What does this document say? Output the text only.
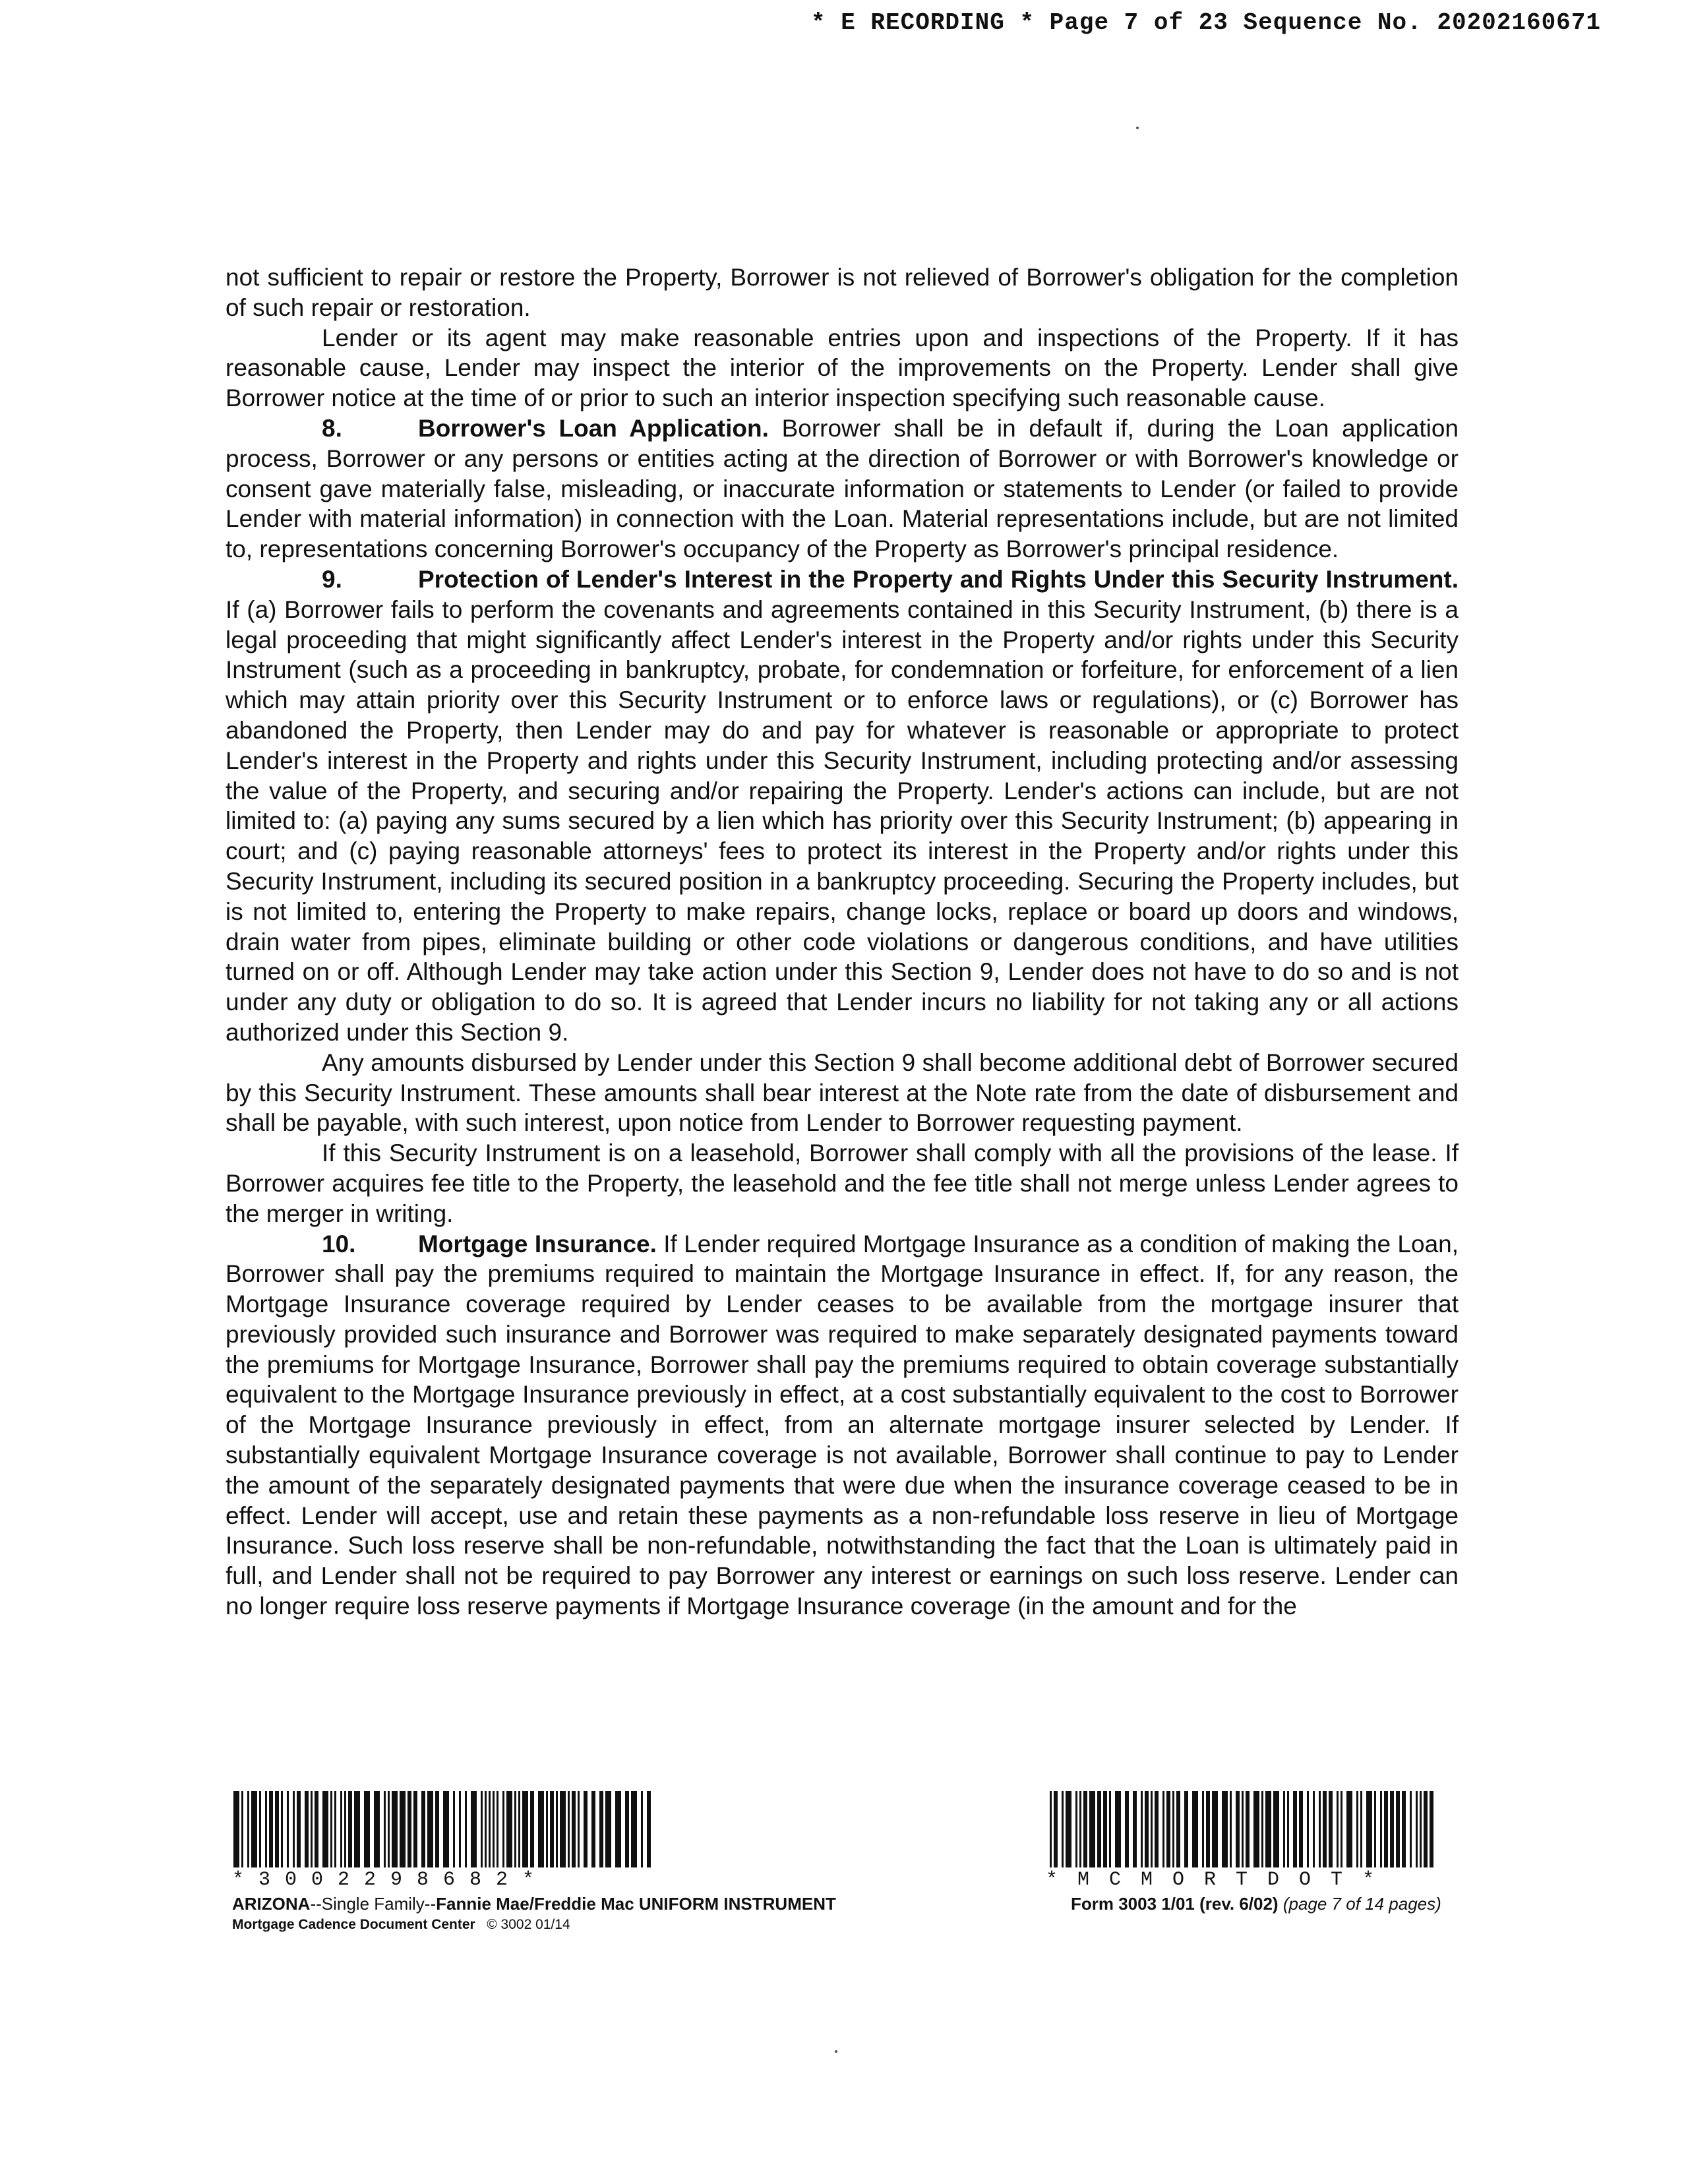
* E RECORDING * Page 7 of 23 Sequence No. 20202160671

not sufficient to repair or restore the Property, Borrower is not relieved of Borrower's obligation for the completion of such repair or restoration.

Lender or its agent may make reasonable entries upon and inspections of the Property. If it has reasonable cause, Lender may inspect the interior of the improvements on the Property. Lender shall give Borrower notice at the time of or prior to such an interior inspection specifying such reasonable cause.

8.	Borrower's Loan Application. Borrower shall be in default if, during the Loan application process, Borrower or any persons or entities acting at the direction of Borrower or with Borrower's knowledge or consent gave materially false, misleading, or inaccurate information or statements to Lender (or failed to provide Lender with material information) in connection with the Loan. Material representations include, but are not limited to, representations concerning Borrower's occupancy of the Property as Borrower's principal residence.

9.	Protection of Lender's Interest in the Property and Rights Under this Security Instrument. If (a) Borrower fails to perform the covenants and agreements contained in this Security Instrument, (b) there is a legal proceeding that might significantly affect Lender's interest in the Property and/or rights under this Security Instrument (such as a proceeding in bankruptcy, probate, for condemnation or forfeiture, for enforcement of a lien which may attain priority over this Security Instrument or to enforce laws or regulations), or (c) Borrower has abandoned the Property, then Lender may do and pay for whatever is reasonable or appropriate to protect Lender's interest in the Property and rights under this Security Instrument, including protecting and/or assessing the value of the Property, and securing and/or repairing the Property. Lender's actions can include, but are not limited to: (a) paying any sums secured by a lien which has priority over this Security Instrument; (b) appearing in court; and (c) paying reasonable attorneys' fees to protect its interest in the Property and/or rights under this Security Instrument, including its secured position in a bankruptcy proceeding. Securing the Property includes, but is not limited to, entering the Property to make repairs, change locks, replace or board up doors and windows, drain water from pipes, eliminate building or other code violations or dangerous conditions, and have utilities turned on or off. Although Lender may take action under this Section 9, Lender does not have to do so and is not under any duty or obligation to do so. It is agreed that Lender incurs no liability for not taking any or all actions authorized under this Section 9.

Any amounts disbursed by Lender under this Section 9 shall become additional debt of Borrower secured by this Security Instrument. These amounts shall bear interest at the Note rate from the date of disbursement and shall be payable, with such interest, upon notice from Lender to Borrower requesting payment.

If this Security Instrument is on a leasehold, Borrower shall comply with all the provisions of the lease. If Borrower acquires fee title to the Property, the leasehold and the fee title shall not merge unless Lender agrees to the merger in writing.

10.	Mortgage Insurance. If Lender required Mortgage Insurance as a condition of making the Loan, Borrower shall pay the premiums required to maintain the Mortgage Insurance in effect. If, for any reason, the Mortgage Insurance coverage required by Lender ceases to be available from the mortgage insurer that previously provided such insurance and Borrower was required to make separately designated payments toward the premiums for Mortgage Insurance, Borrower shall pay the premiums required to obtain coverage substantially equivalent to the Mortgage Insurance previously in effect, at a cost substantially equivalent to the cost to Borrower of the Mortgage Insurance previously in effect, from an alternate mortgage insurer selected by Lender. If substantially equivalent Mortgage Insurance coverage is not available, Borrower shall continue to pay to Lender the amount of the separately designated payments that were due when the insurance coverage ceased to be in effect. Lender will accept, use and retain these payments as a non-refundable loss reserve in lieu of Mortgage Insurance. Such loss reserve shall be non-refundable, notwithstanding the fact that the Loan is ultimately paid in full, and Lender shall not be required to pay Borrower any interest or earnings on such loss reserve. Lender can no longer require loss reserve payments if Mortgage Insurance coverage (in the amount and for the

*3002298682*
ARIZONA--Single Family--Fannie Mae/Freddie Mac UNIFORM INSTRUMENT
Mortgage Cadence Document Center © 3002 01/14
*MCMORTDOT*
Form 3003 1/01 (rev. 6/02) (page 7 of 14 pages)
